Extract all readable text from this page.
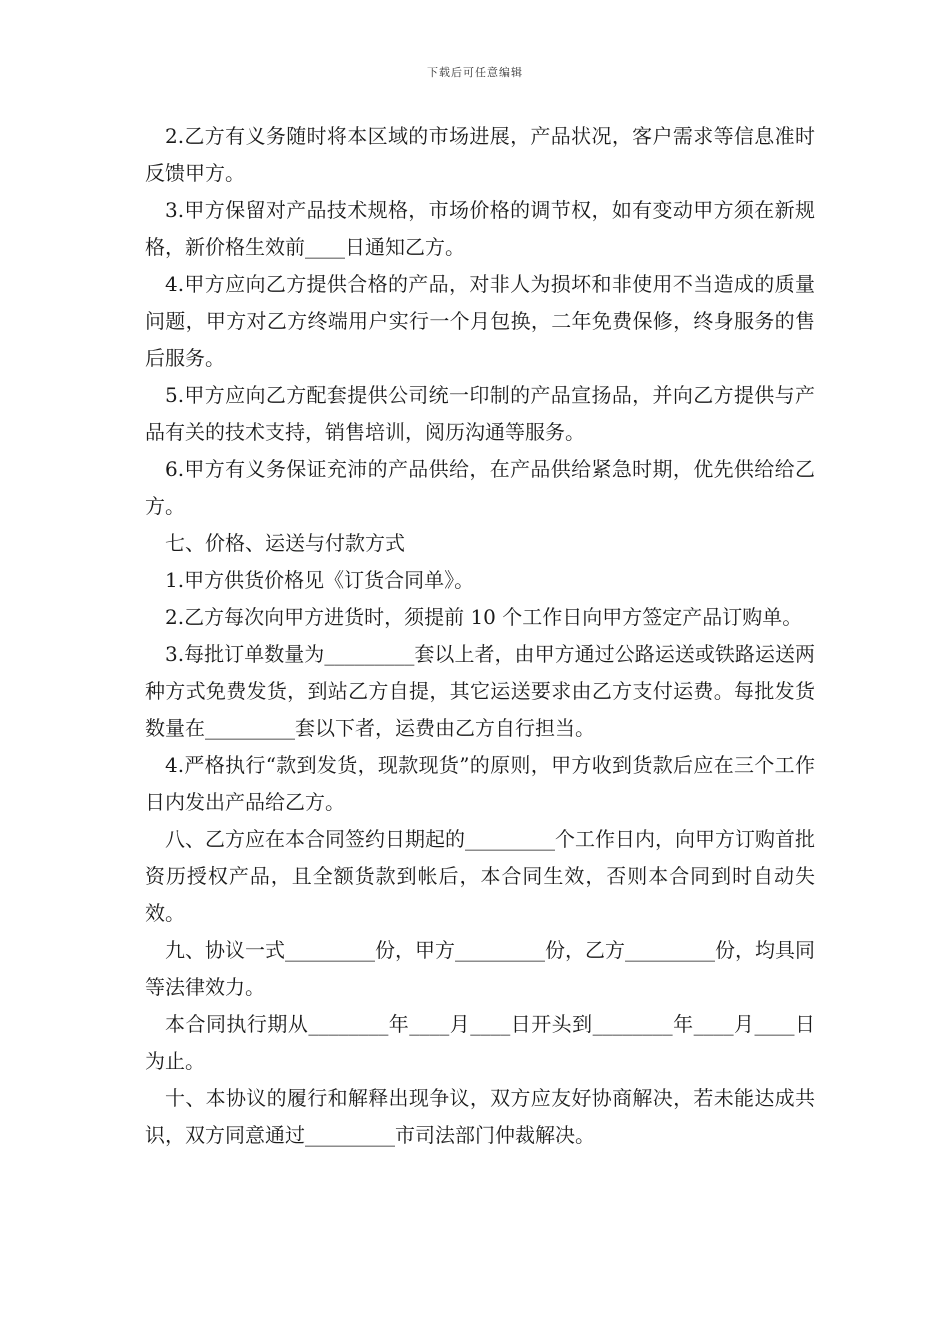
下载后可任意编辑

2.乙方有义务随时将本区域的市场进展，产品状况，客户需求等信息准时反馈甲方。

3.甲方保留对产品技术规格，市场价格的调节权，如有变动甲方须在新规格，新价格生效前____日通知乙方。

4.甲方应向乙方提供合格的产品，对非人为损坏和非使用不当造成的质量问题，甲方对乙方终端用户实行一个月包换，二年免费保修，终身服务的售后服务。

5.甲方应向乙方配套提供公司统一印制的产品宣扬品，并向乙方提供与产品有关的技术支持，销售培训，阅历沟通等服务。

6.甲方有义务保证充沛的产品供给，在产品供给紧急时期，优先供给给乙方。

七、价格、运送与付款方式

1.甲方供货价格见《订货合同单》。

2.乙方每次向甲方进货时，须提前 10 个工作日向甲方签定产品订购单。

3.每批订单数量为_________套以上者，由甲方通过公路运送或铁路运送两种方式免费发货，到站乙方自提，其它运送要求由乙方支付运费。每批发货数量在_________套以下者，运费由乙方自行担当。

4.严格执行“款到发货，现款现货”的原则，甲方收到货款后应在三个工作日内发出产品给乙方。

八、乙方应在本合同签约日期起的_________个工作日内，向甲方订购首批资历授权产品，且全额货款到帐后，本合同生效，否则本合同到时自动失效。

九、协议一式_________份，甲方_________份，乙方_________份，均具同等法律效力。

本合同执行期从________年____月____日开头到________年____月____日为止。

十、本协议的履行和解释出现争议，双方应友好协商解决，若未能达成共识，双方同意通过_________市司法部门仲裁解决。
